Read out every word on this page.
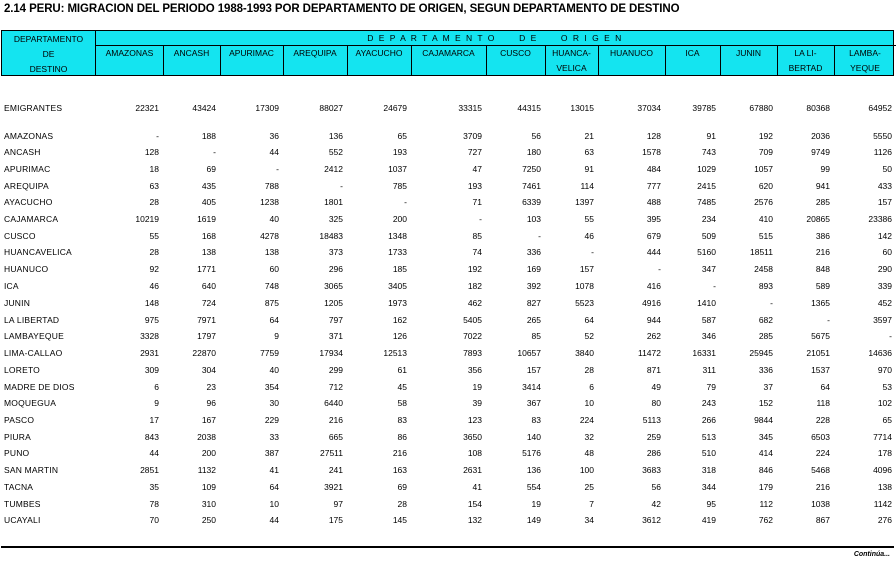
2.14 PERU: MIGRACION DEL PERIODO 1988-1993 POR DEPARTAMENTO DE ORIGEN, SEGUN DEPARTAMENTO DE DESTINO
DEPARTAMENTO
DE
DESTINO
D E P A R T A M E N T O      D E      O R I G E N
AMAZONAS	ANCASH	APURIMAC	AREQUIPA	AYACUCHO	CAJAMARCA	CUSCO	HUANCA-
VELICA
HUANUCO	ICA	JUNIN	LA LI-
BERTAD
LAMBA-
YEQUE
EMIGRANTES	22321	43424	17309	88027	24679	33315	44315	13015	37034	39785	67880	80368	64952
AMAZONAS	-	188	36	136	65	3709	56	21	128	91	192	2036	5550
ANCASH	128	-	44	552	193	727	180	63	1578	743	709	9749	1126
APURIMAC	18	69	-	2412	1037	47	7250	91	484	1029	1057	99	50
AREQUIPA	63	435	788	-	785	193	7461	114	777	2415	620	941	433
AYACUCHO	28	405	1238	1801	-	71	6339	1397	488	7485	2576	285	157
CAJAMARCA	10219	1619	40	325	200	-	103	55	395	234	410	20865	23386
CUSCO	55	168	4278	18483	1348	85	-	46	679	509	515	386	142
HUANCAVELICA	28	138	138	373	1733	74	336	-	444	5160	18511	216	60
HUANUCO	92	1771	60	296	185	192	169	157	-	347	2458	848	290
ICA	46	640	748	3065	3405	182	392	1078	416	-	893	589	339
JUNIN	148	724	875	1205	1973	462	827	5523	4916	1410	-	1365	452
LA LIBERTAD	975	7971	64	797	162	5405	265	64	944	587	682	-	3597
LAMBAYEQUE	3328	1797	9	371	126	7022	85	52	262	346	285	5675	-
LIMA-CALLAO	2931	22870	7759	17934	12513	7893	10657	3840	11472	16331	25945	21051	14636
LORETO	309	304	40	299	61	356	157	28	871	311	336	1537	970
MADRE DE DIOS	6	23	354	712	45	19	3414	6	49	79	37	64	53
MOQUEGUA	9	96	30	6440	58	39	367	10	80	243	152	118	102
PASCO	17	167	229	216	83	123	83	224	5113	266	9844	228	65
PIURA	843	2038	33	665	86	3650	140	32	259	513	345	6503	7714
PUNO	44	200	387	27511	216	108	5176	48	286	510	414	224	178
SAN MARTIN	2851	1132	41	241	163	2631	136	100	3683	318	846	5468	4096
TACNA	35	109	64	3921	69	41	554	25	56	344	179	216	138
TUMBES	78	310	10	97	28	154	19	7	42	95	112	1038	1142
UCAYALI	70	250	44	175	145	132	149	34	3612	419	762	867	276
Continúa...
